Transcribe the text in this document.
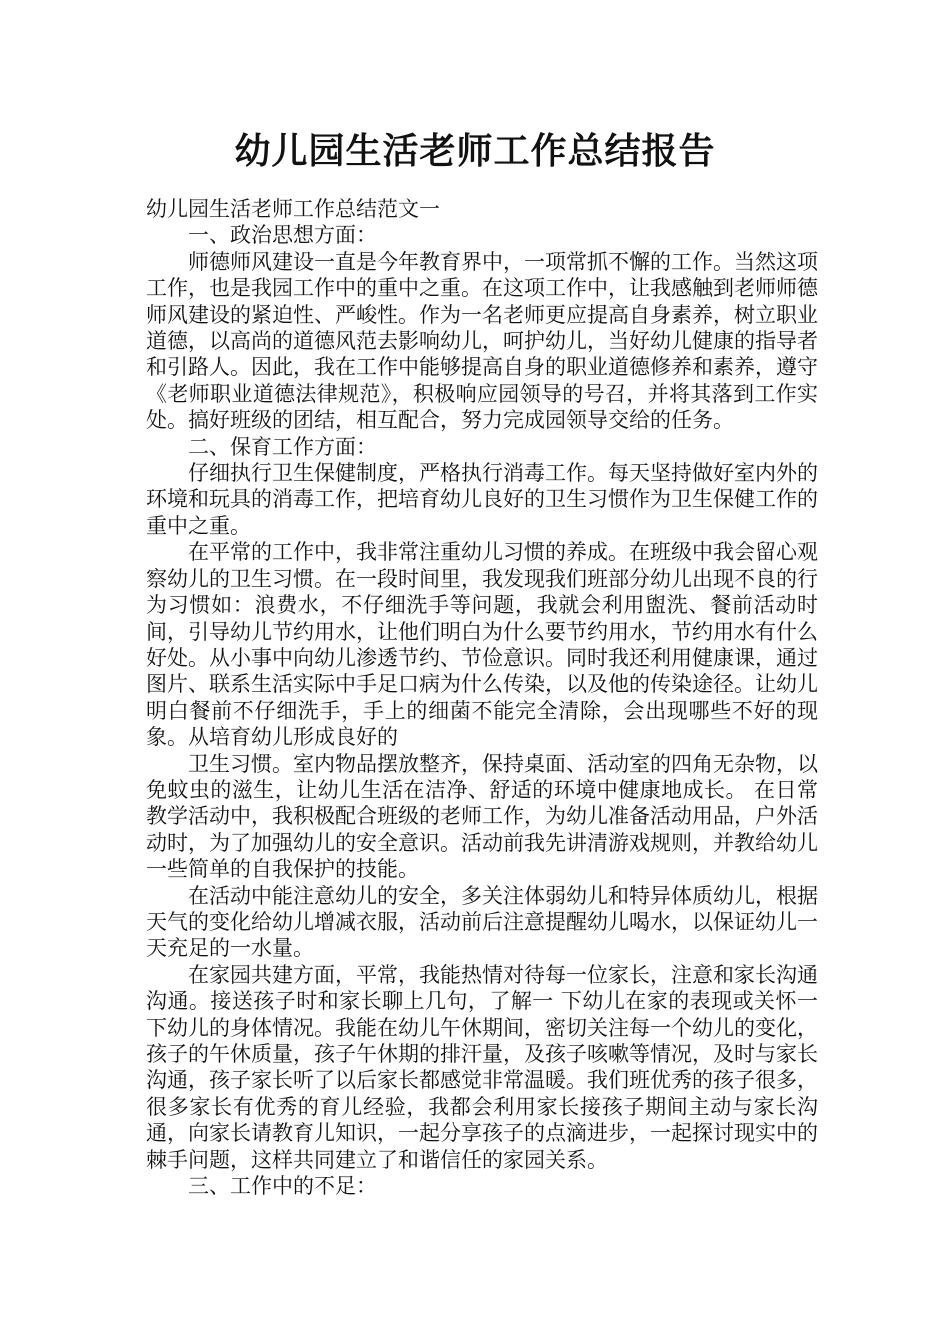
幼儿园生活老师工作总结报告

幼儿园生活老师工作总结范文一

一、政治思想方面：

师德师风建设一直是今年教育界中，一项常抓不懈的工作。当然这项工作，也是我园工作中的重中之重。在这项工作中，让我感触到老师师德师风建设的紧迫性、严峻性。作为一名老师更应提高自身素养，树立职业道德，以高尚的道德风范去影响幼儿，呵护幼儿，当好幼儿健康的指导者和引路人。因此，我在工作中能够提高自身的职业道德修养和素养，遵守《老师职业道德法律规范》，积极响应园领导的号召，并将其落到工作实处。搞好班级的团结，相互配合，努力完成园领导交给的任务。

二、保育工作方面：

仔细执行卫生保健制度，严格执行消毒工作。每天坚持做好室内外的环境和玩具的消毒工作，把培育幼儿良好的卫生习惯作为卫生保健工作的重中之重。

在平常的工作中，我非常注重幼儿习惯的养成。在班级中我会留心观察幼儿的卫生习惯。在一段时间里，我发现我们班部分幼儿出现不良的行为习惯如：浪费水，不仔细洗手等问题，我就会利用盥洗、餐前活动时间，引导幼儿节约用水，让他们明白为什么要节约用水，节约用水有什么好处。从小事中向幼儿渗透节约、节俭意识。同时我还利用健康课，通过图片、联系生活实际中手足口病为什么传染，以及他的传染途径。让幼儿明白餐前不仔细洗手，手上的细菌不能完全清除，会出现哪些不好的现象。从培育幼儿形成良好的

卫生习惯。室内物品摆放整齐，保持桌面、活动室的四角无杂物，以免蚊虫的滋生，让幼儿生活在洁净、舒适的环境中健康地成长。 在日常教学活动中，我积极配合班级的老师工作，为幼儿准备活动用品，户外活动时，为了加强幼儿的安全意识。活动前我先讲清游戏规则，并教给幼儿一些简单的自我保护的技能。

在活动中能注意幼儿的安全，多关注体弱幼儿和特异体质幼儿，根据天气的变化给幼儿增减衣服，活动前后注意提醒幼儿喝水，以保证幼儿一天充足的一水量。

在家园共建方面，平常，我能热情对待每一位家长，注意和家长沟通沟通。接送孩子时和家长聊上几句，了解一 下幼儿在家的表现或关怀一下幼儿的身体情况。我能在幼儿午休期间，密切关注每一个幼儿的变化，孩子的午休质量，孩子午休期的排汗量，及孩子咳嗽等情况，及时与家长沟通，孩子家长听了以后家长都感觉非常温暖。我们班优秀的孩子很多，很多家长有优秀的育儿经验，我都会利用家长接孩子期间主动与家长沟通，向家长请教育儿知识，一起分享孩子的点滴进步，一起探讨现实中的棘手问题，这样共同建立了和谐信任的家园关系。

三、工作中的不足：
